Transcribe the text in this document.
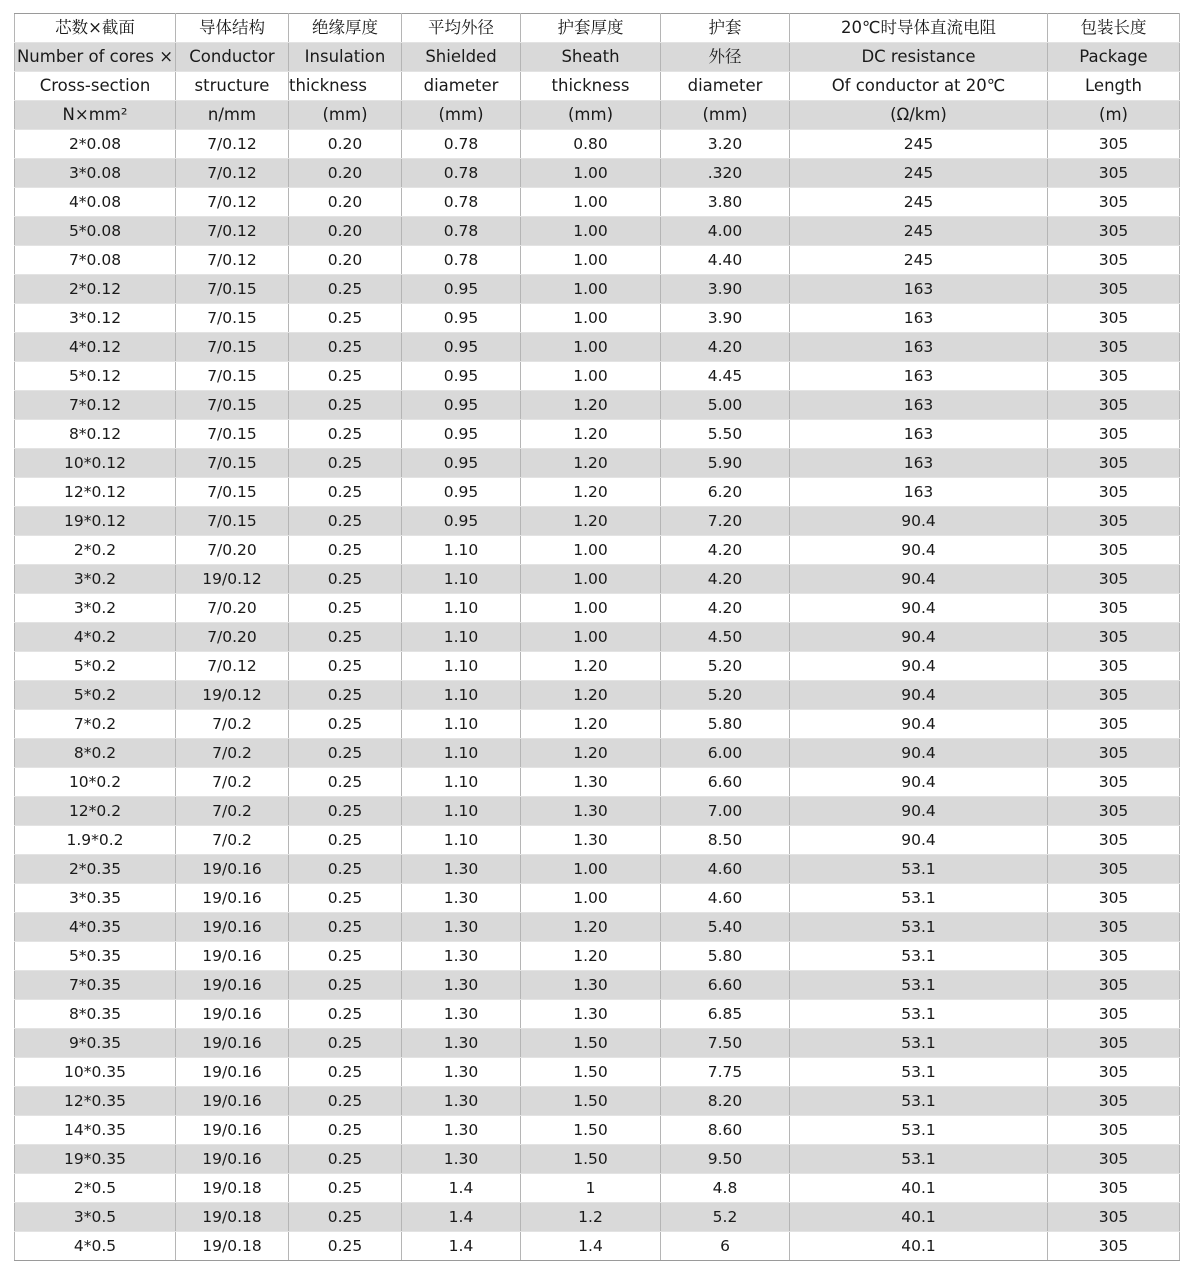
芯数×截面	导体结构	绝缘厚度	平均外径	护套厚度	护套	20℃时导体直流电阻	包装长度
Number of cores ×	Conductor	Insulation	Shielded	Sheath	外径	DC resistance	Package
Cross-section	structure	thickness	diameter	thickness	diameter	Of conductor at 20℃	Length
N×mm²	n/mm	(mm)	(mm)	(mm)	(mm)	(Ω/km)	(m)
2*0.08	7/0.12	0.20	0.78	0.80	3.20	245	305
3*0.08	7/0.12	0.20	0.78	1.00	.320	245	305
4*0.08	7/0.12	0.20	0.78	1.00	3.80	245	305
5*0.08	7/0.12	0.20	0.78	1.00	4.00	245	305
7*0.08	7/0.12	0.20	0.78	1.00	4.40	245	305
2*0.12	7/0.15	0.25	0.95	1.00	3.90	163	305
3*0.12	7/0.15	0.25	0.95	1.00	3.90	163	305
4*0.12	7/0.15	0.25	0.95	1.00	4.20	163	305
5*0.12	7/0.15	0.25	0.95	1.00	4.45	163	305
7*0.12	7/0.15	0.25	0.95	1.20	5.00	163	305
8*0.12	7/0.15	0.25	0.95	1.20	5.50	163	305
10*0.12	7/0.15	0.25	0.95	1.20	5.90	163	305
12*0.12	7/0.15	0.25	0.95	1.20	6.20	163	305
19*0.12	7/0.15	0.25	0.95	1.20	7.20	90.4	305
2*0.2	7/0.20	0.25	1.10	1.00	4.20	90.4	305
3*0.2	19/0.12	0.25	1.10	1.00	4.20	90.4	305
3*0.2	7/0.20	0.25	1.10	1.00	4.20	90.4	305
4*0.2	7/0.20	0.25	1.10	1.00	4.50	90.4	305
5*0.2	7/0.12	0.25	1.10	1.20	5.20	90.4	305
5*0.2	19/0.12	0.25	1.10	1.20	5.20	90.4	305
7*0.2	7/0.2	0.25	1.10	1.20	5.80	90.4	305
8*0.2	7/0.2	0.25	1.10	1.20	6.00	90.4	305
10*0.2	7/0.2	0.25	1.10	1.30	6.60	90.4	305
12*0.2	7/0.2	0.25	1.10	1.30	7.00	90.4	305
1.9*0.2	7/0.2	0.25	1.10	1.30	8.50	90.4	305
2*0.35	19/0.16	0.25	1.30	1.00	4.60	53.1	305
3*0.35	19/0.16	0.25	1.30	1.00	4.60	53.1	305
4*0.35	19/0.16	0.25	1.30	1.20	5.40	53.1	305
5*0.35	19/0.16	0.25	1.30	1.20	5.80	53.1	305
7*0.35	19/0.16	0.25	1.30	1.30	6.60	53.1	305
8*0.35	19/0.16	0.25	1.30	1.30	6.85	53.1	305
9*0.35	19/0.16	0.25	1.30	1.50	7.50	53.1	305
10*0.35	19/0.16	0.25	1.30	1.50	7.75	53.1	305
12*0.35	19/0.16	0.25	1.30	1.50	8.20	53.1	305
14*0.35	19/0.16	0.25	1.30	1.50	8.60	53.1	305
19*0.35	19/0.16	0.25	1.30	1.50	9.50	53.1	305
2*0.5	19/0.18	0.25	1.4	1	4.8	40.1	305
3*0.5	19/0.18	0.25	1.4	1.2	5.2	40.1	305
4*0.5	19/0.18	0.25	1.4	1.4	6	40.1	305
